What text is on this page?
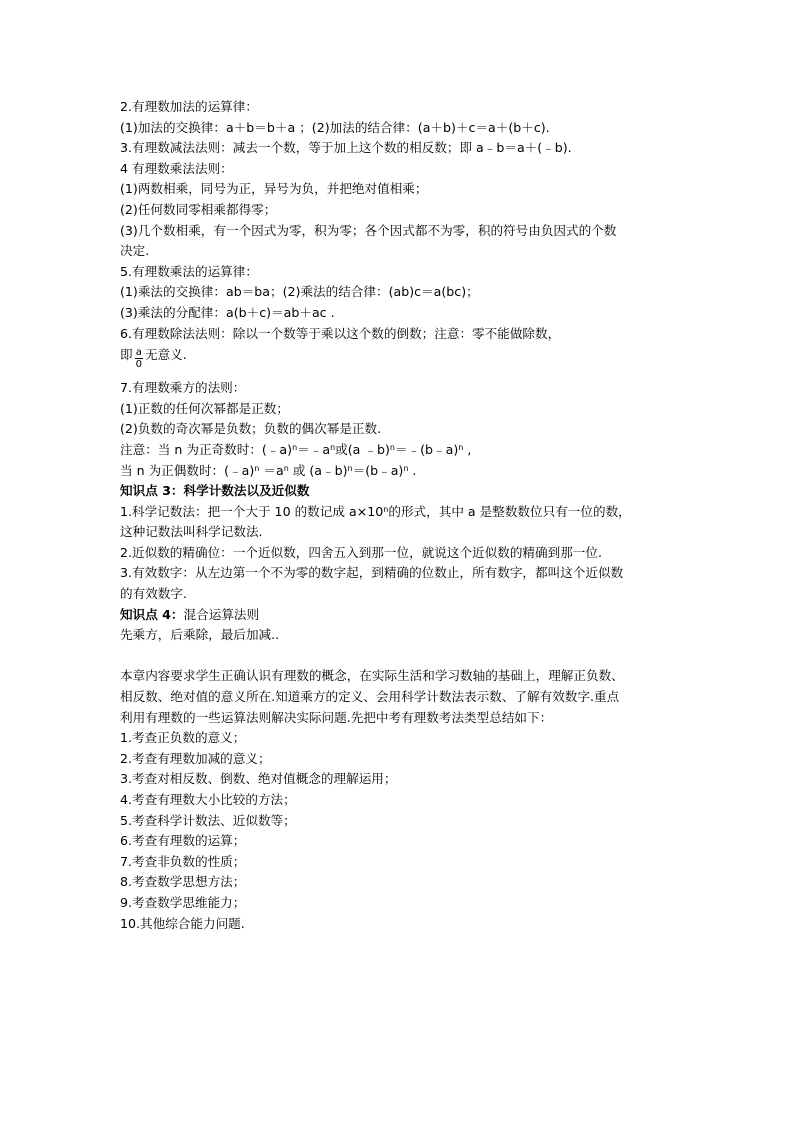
2.有理数加法的运算律：
(1)加法的交换律：a＋b＝b＋a ；(2)加法的结合律：(a＋b)＋c＝a＋(b＋c).
3.有理数减法法则：减去一个数，等于加上这个数的相反数；即 a﹣b＝a＋(﹣b).
4 有理数乘法法则：
(1)两数相乘，同号为正，异号为负，并把绝对值相乘；
(2)任何数同零相乘都得零；
(3)几个数相乘，有一个因式为零，积为零；各个因式都不为零，积的符号由负因式的个数
决定.
5.有理数乘法的运算律：
(1)乘法的交换律：ab＝ba；(2)乘法的结合律：(ab)c＝a(bc)；
(3)乘法的分配律：a(b＋c)＝ab＋ac .
6.有理数除法法则：除以一个数等于乘以这个数的倒数；注意：零不能做除数，
即 $\frac{a}{0}$ 无意义.
7.有理数乘方的法则：
(1)正数的任何次幂都是正数；
(2)负数的奇次幂是负数；负数的偶次幂是正数.
注意：当 n 为正奇数时：$(﹣a)^n=﹣a^n$或(a ﹣b)$^n$＝﹣(b﹣a)$^n$ ,
当 n 为正偶数时：(﹣a)$^n$ $=a^n$ 或 (a﹣b)$^n$＝(b﹣a)$^n$ .
知识点 3：科学计数法以及近似数
1.科学记数法：把一个大于 10 的数记成 $a\times 10^n$的形式，其中 a 是整数数位只有一位的数，
这种记数法叫科学记数法.
2.近似数的精确位：一个近似数，四舍五入到那一位，就说这个近似数的精确到那一位.
3.有效数字：从左边第一个不为零的数字起，到精确的位数止，所有数字，都叫这个近似数
的有效数字.
知识点 4：混合运算法则
先乘方，后乘除，最后加减..
本章内容要求学生正确认识有理数的概念，在实际生活和学习数轴的基础上，理解正负数、
相反数、绝对值的意义所在.知道乘方的定义、会用科学计数法表示数、了解有效数字.重点
利用有理数的一些运算法则解决实际问题.先把中考有理数考法类型总结如下：
1.考查正负数的意义；
2.考查有理数加减的意义；
3.考查对相反数、倒数、绝对值概念的理解运用；
4.考查有理数大小比较的方法；
5.考查科学计数法、近似数等；
6.考查有理数的运算；
7.考查非负数的性质；
8.考查数学思想方法；
9.考查数学思维能力；
10.其他综合能力问题.
